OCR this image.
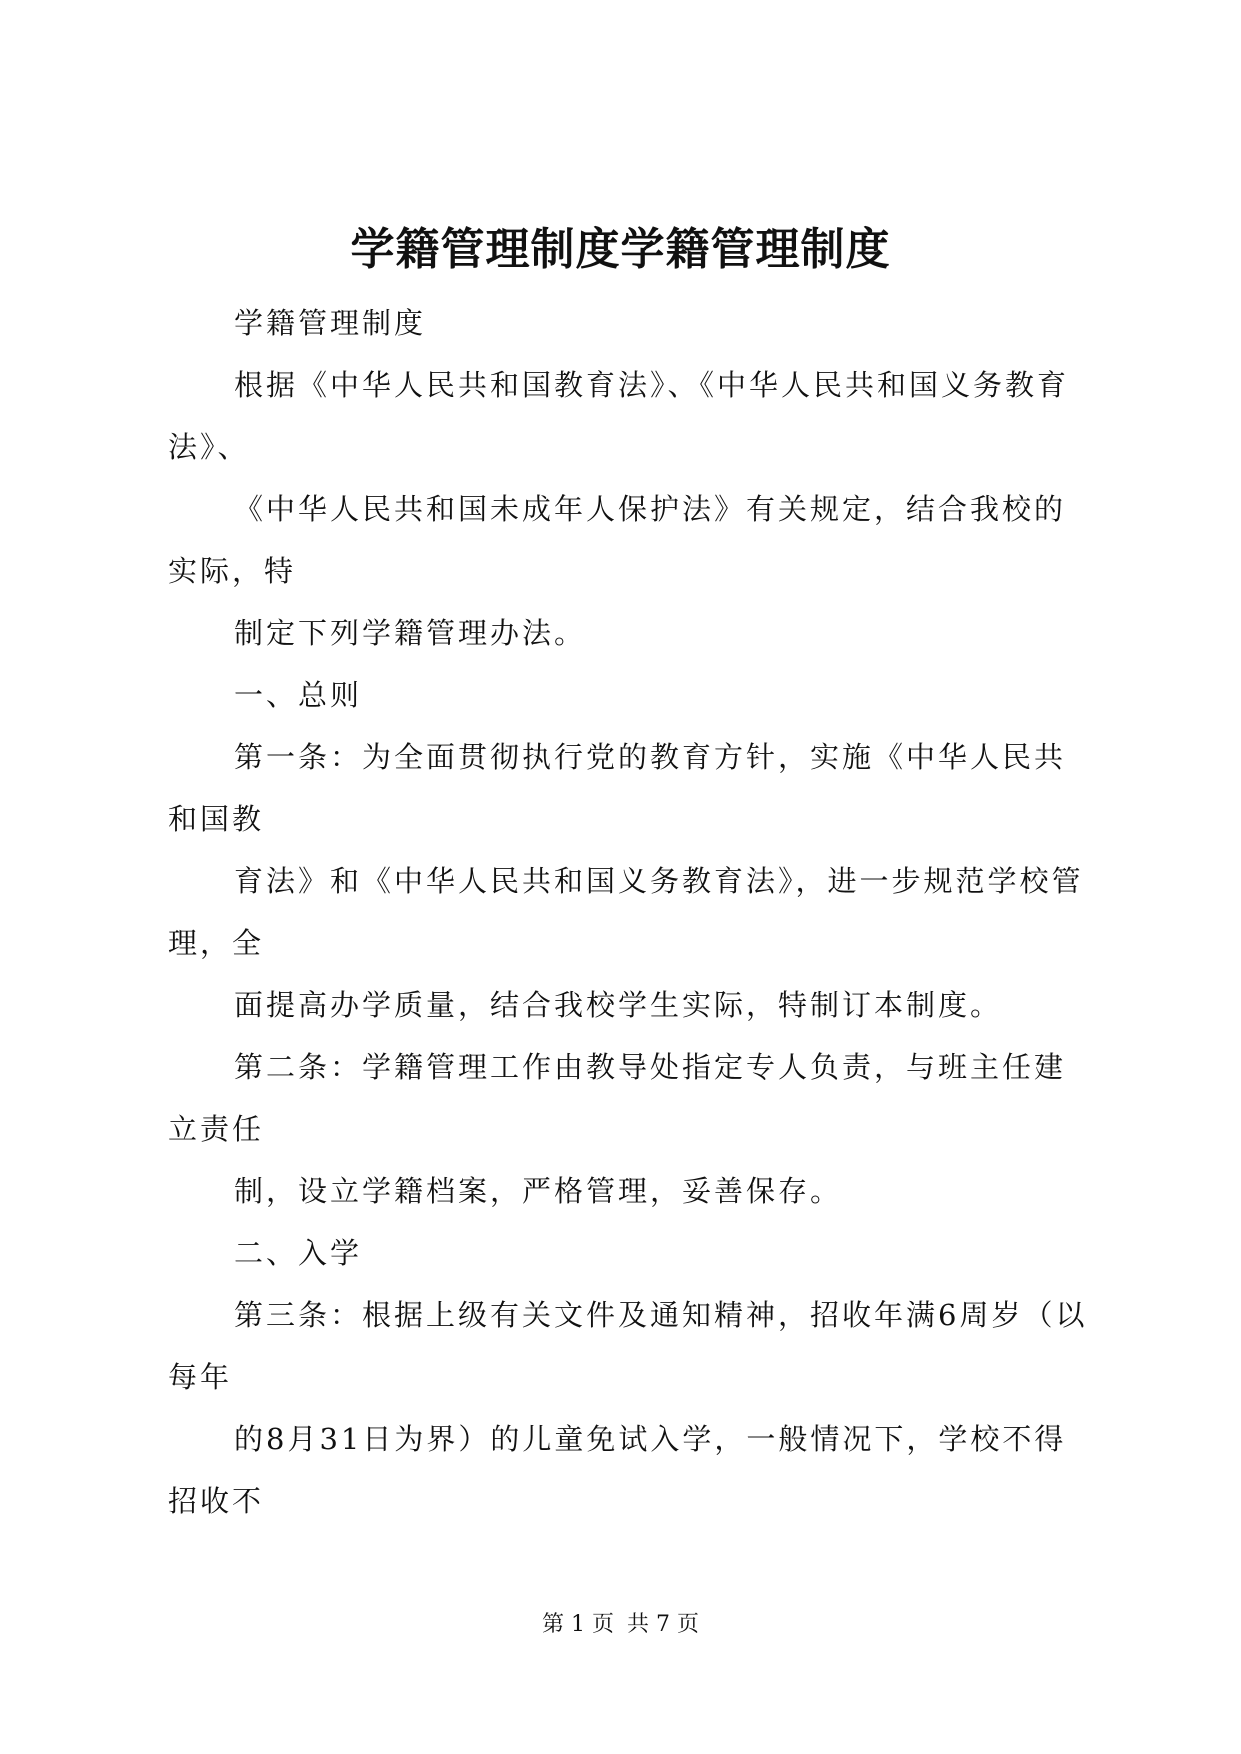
学籍管理制度学籍管理制度

学籍管理制度

根据《中华人民共和国教育法》、《中华人民共和国义务教育法》、

《中华人民共和国未成年人保护法》有关规定，结合我校的实际，特

制定下列学籍管理办法。

一、总则

第一条：为全面贯彻执行党的教育方针，实施《中华人民共和国教

育法》和《中华人民共和国义务教育法》，进一步规范学校管理，全

面提高办学质量，结合我校学生实际，特制订本制度。

第二条：学籍管理工作由教导处指定专人负责，与班主任建立责任

制，设立学籍档案，严格管理，妥善保存。

二、入学

第三条：根据上级有关文件及通知精神，招收年满6周岁（以每年

的8月31日为界）的儿童免试入学，一般情况下，学校不得招收不

第 1 页 共 7 页
